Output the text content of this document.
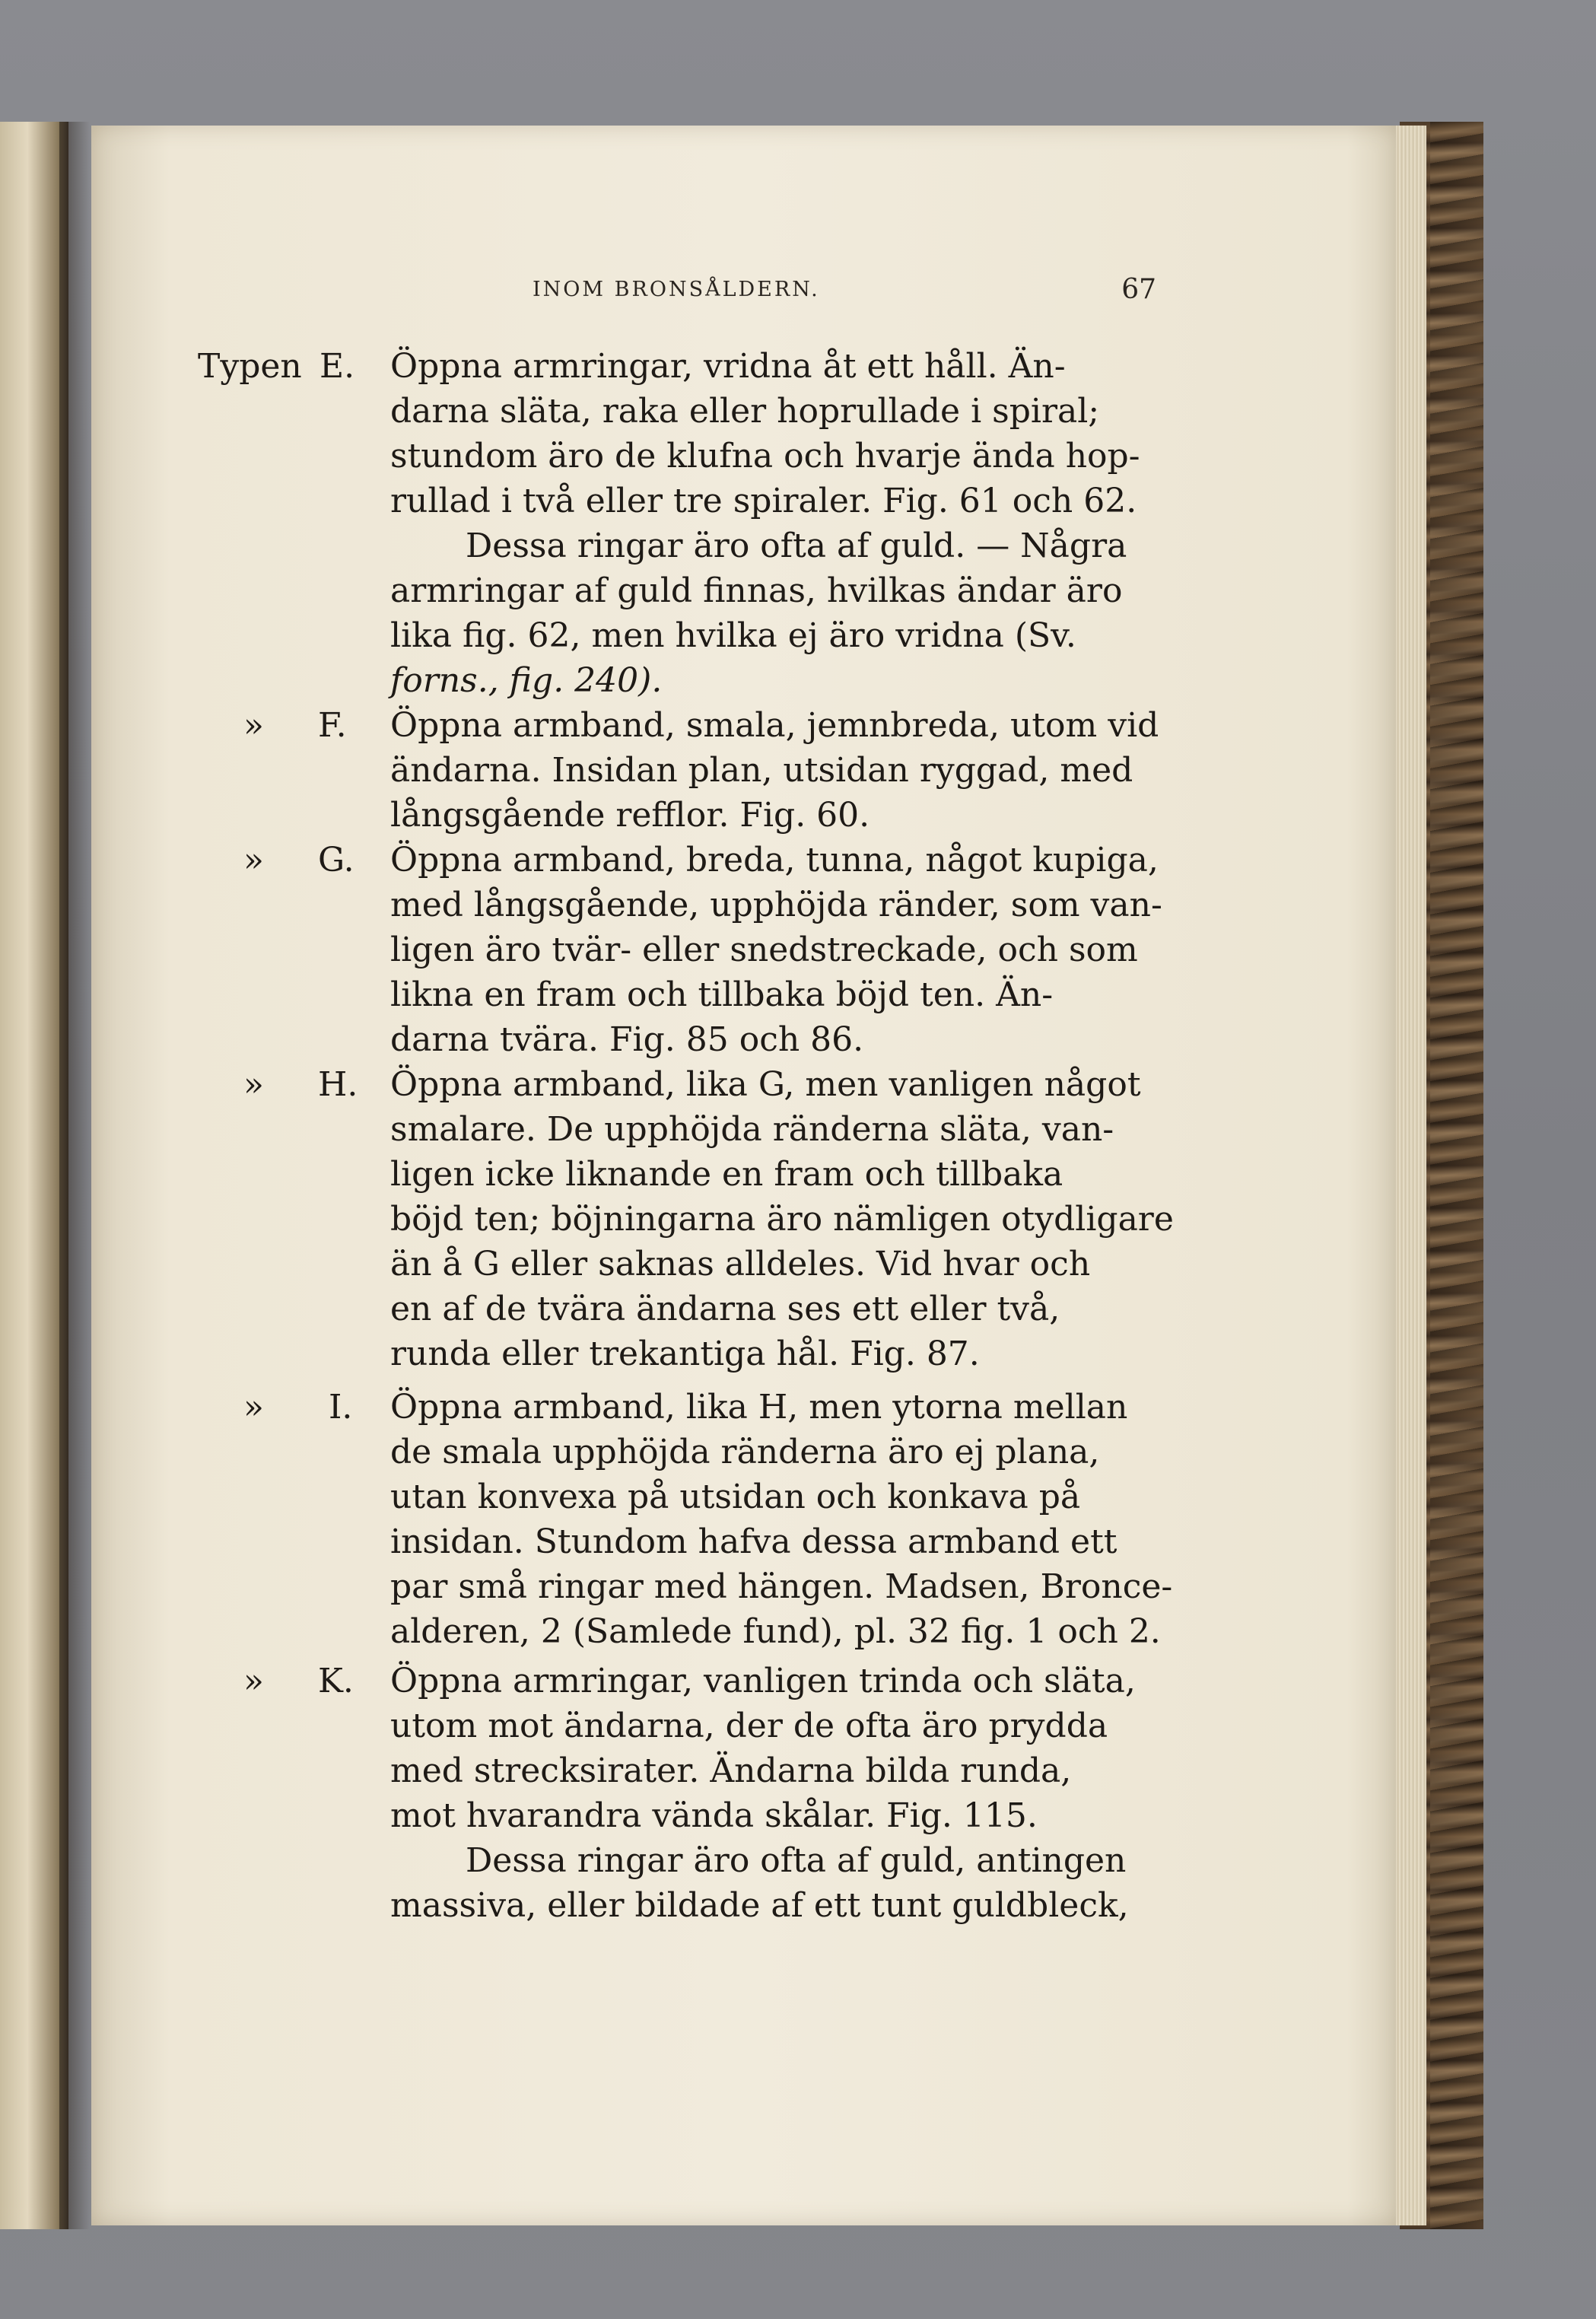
INOM BRONSÅLDERN.	67
Typen E. Öppna armringar, vridna åt ett håll. Än-
darna släta, raka eller hoprullade i spiral;
stundom äro de klufna och hvarje ända hop-
rullad i två eller tre spiraler. Fig. 61 och 62.
Dessa ringar äro ofta af guld. — Några
armringar af guld finnas, hvilkas ändar äro
lika fig. 62, men hvilka ej äro vridna (Sv.
forns., fig. 240).
» F. Öppna armband, smala, jemnbreda, utom vid
ändarna. Insidan plan, utsidan ryggad, med
långsgående refflor. Fig. 60.
» G. Öppna armband, breda, tunna, något kupiga,
med långsgående, upphöjda ränder, som van-
ligen äro tvär- eller snedstreckade, och som
likna en fram och tillbaka böjd ten. Än-
darna tvära. Fig. 85 och 86.
» H. Öppna armband, lika G, men vanligen något
smalare. De upphöjda ränderna släta, van-
ligen icke liknande en fram och tillbaka
böjd ten; böjningarna äro nämligen otydligare
än å G eller saknas alldeles. Vid hvar och
en af de tvära ändarna ses ett eller två,
runda eller trekantiga hål. Fig. 87.
» I. Öppna armband, lika H, men ytorna mellan
de smala upphöjda ränderna äro ej plana,
utan konvexa på utsidan och konkava på
insidan. Stundom hafva dessa armband ett
par små ringar med hängen. Madsen, Bronce-
alderen, 2 (Samlede fund), pl. 32 fig. 1 och 2.
» K. Öppna armringar, vanligen trinda och släta,
utom mot ändarna, der de ofta äro prydda
med strecksirater. Ändarna bilda runda,
mot hvarandra vända skålar. Fig. 115.
Dessa ringar äro ofta af guld, antingen
massiva, eller bildade af ett tunt guldbleck,
